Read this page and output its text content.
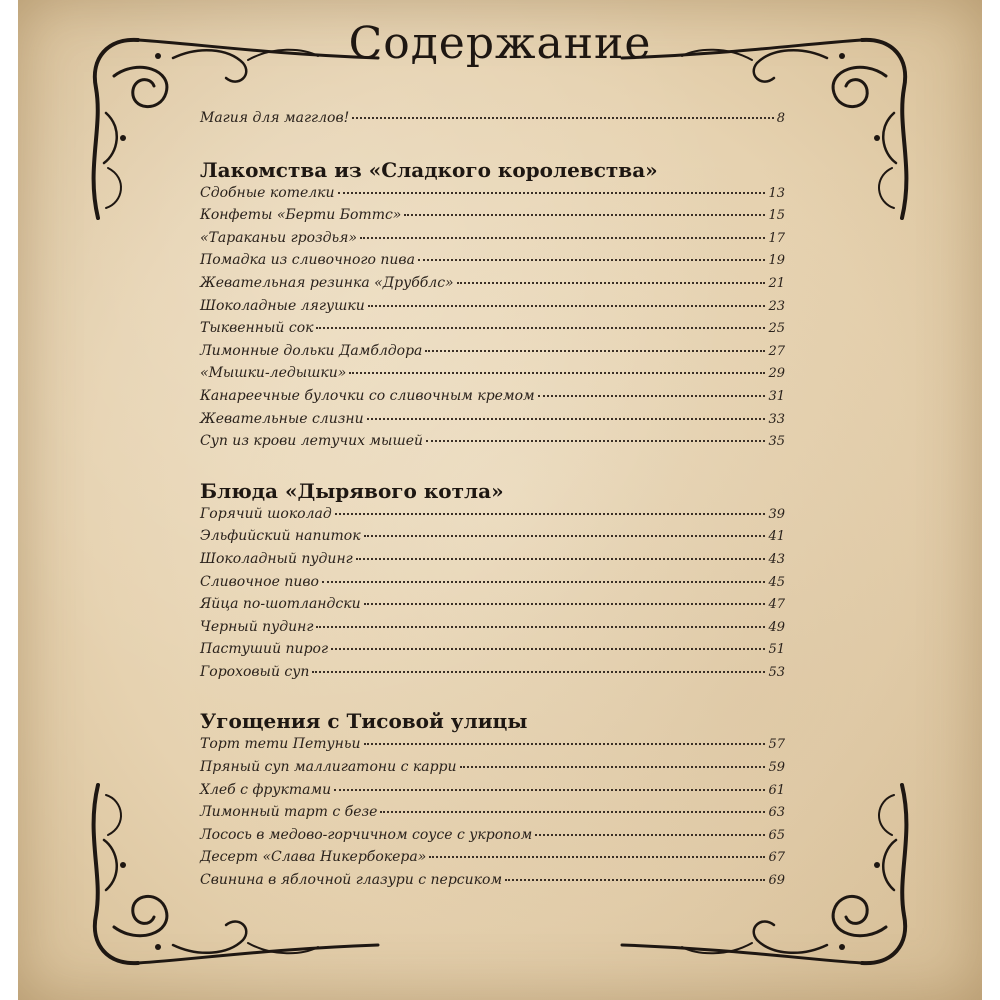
Содержание
Магия для магглов!	8
Лакомства из «Сладкого королевства»
Сдобные котелки	13
Конфеты «Берти Боттс»	15
«Тараканьи гроздья»	17
Помадка из сливочного пива	19
Жевательная резинка «Друбблс»	21
Шоколадные лягушки	23
Тыквенный сок	25
Лимонные дольки Дамблдора	27
«Мышки-ледышки»	29
Канареечные булочки со сливочным кремом	31
Жевательные слизни	33
Суп из крови летучих мышей	35
Блюда «Дырявого котла»
Горячий шоколад	39
Эльфийский напиток	41
Шоколадный пудинг	43
Сливочное пиво	45
Яйца по-шотландски	47
Черный пудинг	49
Пастуший пирог	51
Гороховый суп	53
Угощения с Тисовой улицы
Торт тети Петуньи	57
Пряный суп маллигатони с карри	59
Хлеб с фруктами	61
Лимонный тарт с безе	63
Лосось в медово-горчичном соусе с укропом	65
Десерт «Слава Никербокера»	67
Свинина в яблочной глазури с персиком	69
